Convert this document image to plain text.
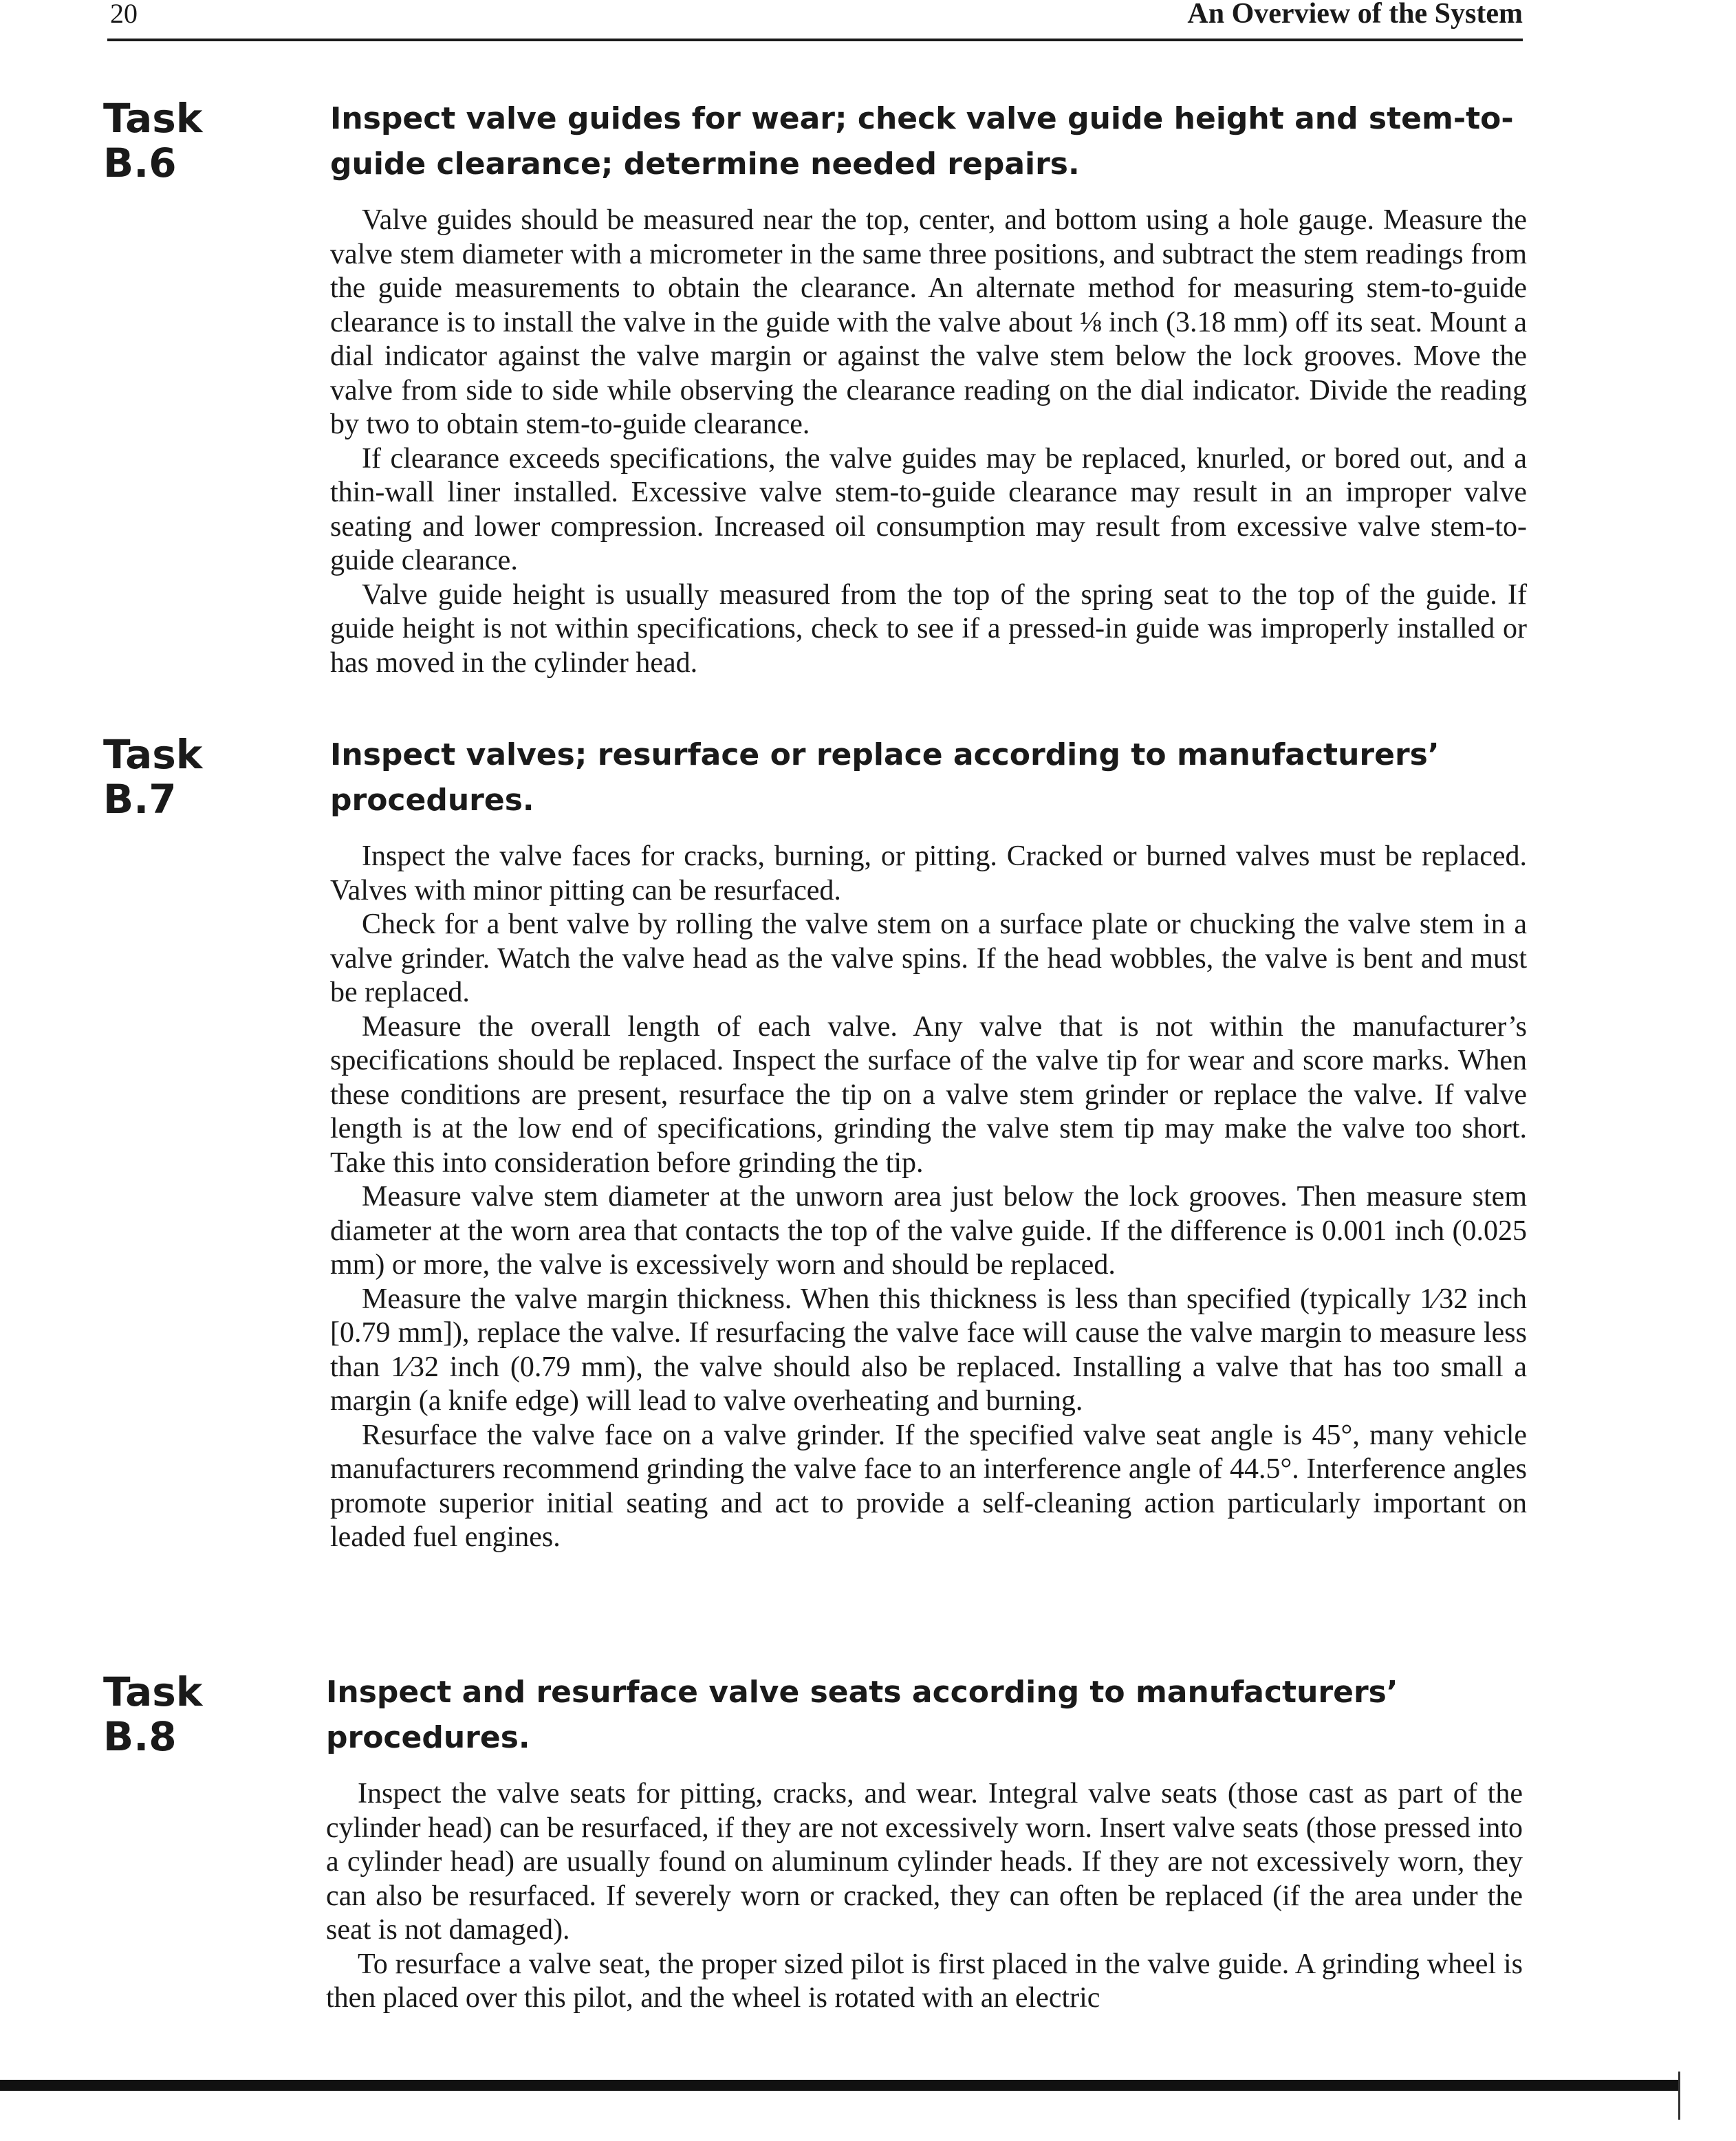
20	An Overview of the System
Task
B.6
Inspect valve guides for wear; check valve guide height and stem-to-guide clearance; determine needed repairs.

Valve guides should be measured near the top, center, and bottom using a hole gauge. Measure the valve stem diameter with a micrometer in the same three positions, and subtract the stem readings from the guide measurements to obtain the clearance. An alternate method for measuring stem-to-guide clearance is to install the valve in the guide with the valve about ⅛ inch (3.18 mm) off its seat. Mount a dial indicator against the valve margin or against the valve stem below the lock grooves. Move the valve from side to side while observing the clearance reading on the dial indicator. Divide the reading by two to obtain stem-to-guide clearance.

If clearance exceeds specifications, the valve guides may be replaced, knurled, or bored out, and a thin-wall liner installed. Excessive valve stem-to-guide clearance may result in an improper valve seating and lower compression. Increased oil consumption may result from excessive valve stem-to-guide clearance.

Valve guide height is usually measured from the top of the spring seat to the top of the guide. If guide height is not within specifications, check to see if a pressed-in guide was improperly installed or has moved in the cylinder head.

Task
B.7
Inspect valves; resurface or replace according to manufacturers’ procedures.

Inspect the valve faces for cracks, burning, or pitting. Cracked or burned valves must be replaced. Valves with minor pitting can be resurfaced.

Check for a bent valve by rolling the valve stem on a surface plate or chucking the valve stem in a valve grinder. Watch the valve head as the valve spins. If the head wobbles, the valve is bent and must be replaced.

Measure the overall length of each valve. Any valve that is not within the manufacturer’s specifications should be replaced. Inspect the surface of the valve tip for wear and score marks. When these conditions are present, resurface the tip on a valve stem grinder or replace the valve. If valve length is at the low end of specifications, grinding the valve stem tip may make the valve too short. Take this into consideration before grinding the tip.

Measure valve stem diameter at the unworn area just below the lock grooves. Then measure stem diameter at the worn area that contacts the top of the valve guide. If the difference is 0.001 inch (0.025 mm) or more, the valve is excessively worn and should be replaced.

Measure the valve margin thickness. When this thickness is less than specified (typically 1⁄32 inch [0.79 mm]), replace the valve. If resurfacing the valve face will cause the valve margin to measure less than 1⁄32 inch (0.79 mm), the valve should also be replaced. Installing a valve that has too small a margin (a knife edge) will lead to valve overheating and burning.

Resurface the valve face on a valve grinder. If the specified valve seat angle is 45°, many vehicle manufacturers recommend grinding the valve face to an interference angle of 44.5°. Interference angles promote superior initial seating and act to provide a self-cleaning action particularly important on leaded fuel engines.

Task
B.8
Inspect and resurface valve seats according to manufacturers’ procedures.

Inspect the valve seats for pitting, cracks, and wear. Integral valve seats (those cast as part of the cylinder head) can be resurfaced, if they are not excessively worn. Insert valve seats (those pressed into a cylinder head) are usually found on aluminum cylinder heads. If they are not excessively worn, they can also be resurfaced. If severely worn or cracked, they can often be replaced (if the area under the seat is not damaged).

To resurface a valve seat, the proper sized pilot is first placed in the valve guide. A grinding wheel is then placed over this pilot, and the wheel is rotated with an electric
